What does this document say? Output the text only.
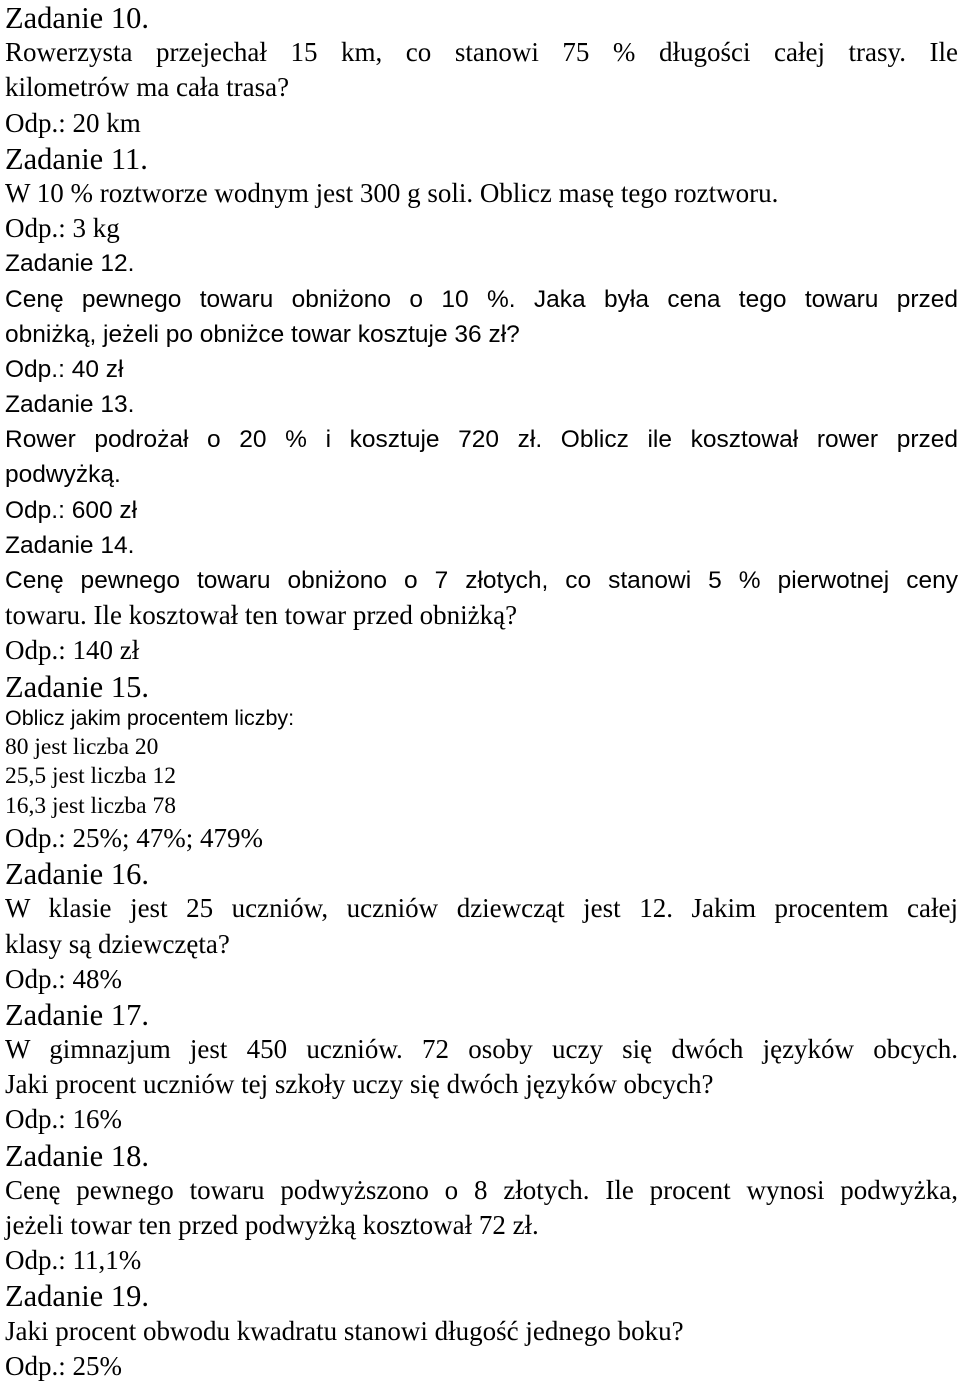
Zadanie 10.
Rowerzysta przejechał 15 km, co stanowi 75 % długości całej trasy. Ile
kilometrów ma cała trasa?
Odp.: 20 km
Zadanie 11.
W 10 % roztworze wodnym jest 300 g soli. Oblicz masę tego roztworu.
Odp.: 3 kg
Zadanie 12.
Cenę pewnego towaru obniżono o 10 %. Jaka była cena tego towaru przed
obniżką, jeżeli po obniżce towar kosztuje 36 zł?
Odp.: 40 zł
Zadanie 13.
Rower podrożał o 20 % i kosztuje 720 zł. Oblicz ile kosztował rower przed
podwyżką.
Odp.: 600 zł
Zadanie 14.
Cenę pewnego towaru obniżono o 7 złotych, co stanowi 5 % pierwotnej ceny
towaru. Ile kosztował ten towar przed obniżką?
Odp.: 140 zł
Zadanie 15.
Oblicz jakim procentem liczby:
80 jest liczba 20
25,5 jest liczba 12
16,3 jest liczba 78
Odp.: 25%; 47%; 479%
Zadanie 16.
W klasie jest 25 uczniów, uczniów dziewcząt jest 12. Jakim procentem całej
klasy są dziewczęta?
Odp.: 48%
Zadanie 17.
W gimnazjum jest 450 uczniów. 72 osoby uczy się dwóch języków obcych.
Jaki procent uczniów tej szkoły uczy się dwóch języków obcych?
Odp.: 16%
Zadanie 18.
Cenę pewnego towaru podwyższono o 8 złotych. Ile procent wynosi podwyżka,
jeżeli towar ten przed podwyżką kosztował 72 zł.
Odp.: 11,1%
Zadanie 19.
Jaki procent obwodu kwadratu stanowi długość jednego boku?
Odp.: 25%
